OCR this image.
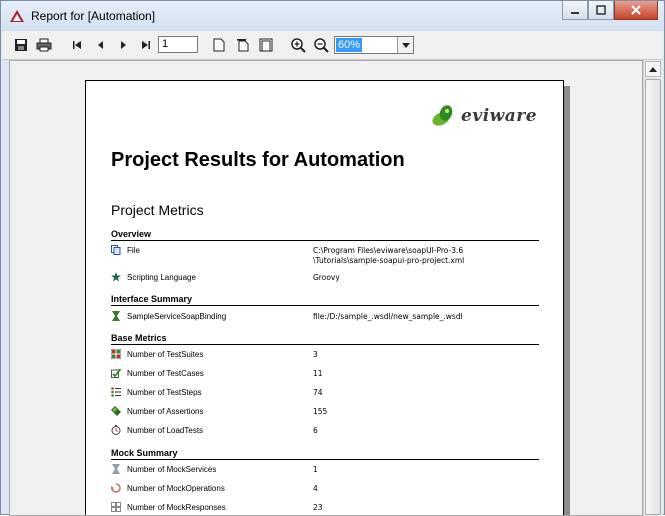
Report for [Automation]
1	60%
eviware
Project Results for Automation
Project Metrics
Overview
File	C:\Program Files\eviware\soapUI-Pro-3.6
\Tutorials\sample-soapui-pro-project.xml
Scripting Language	Groovy
Interface Summary
SampleServiceSoapBinding	file:/D:/sample_.wsdl/new_sample_.wsdl
Base Metrics
Number of TestSuites	3
Number of TestCases	11
Number of TestSteps	74
Number of Assertions	155
Number of LoadTests	6
Mock Summary
Number of MockServices	1
Number of MockOperations	4
Number of MockResponses	23
